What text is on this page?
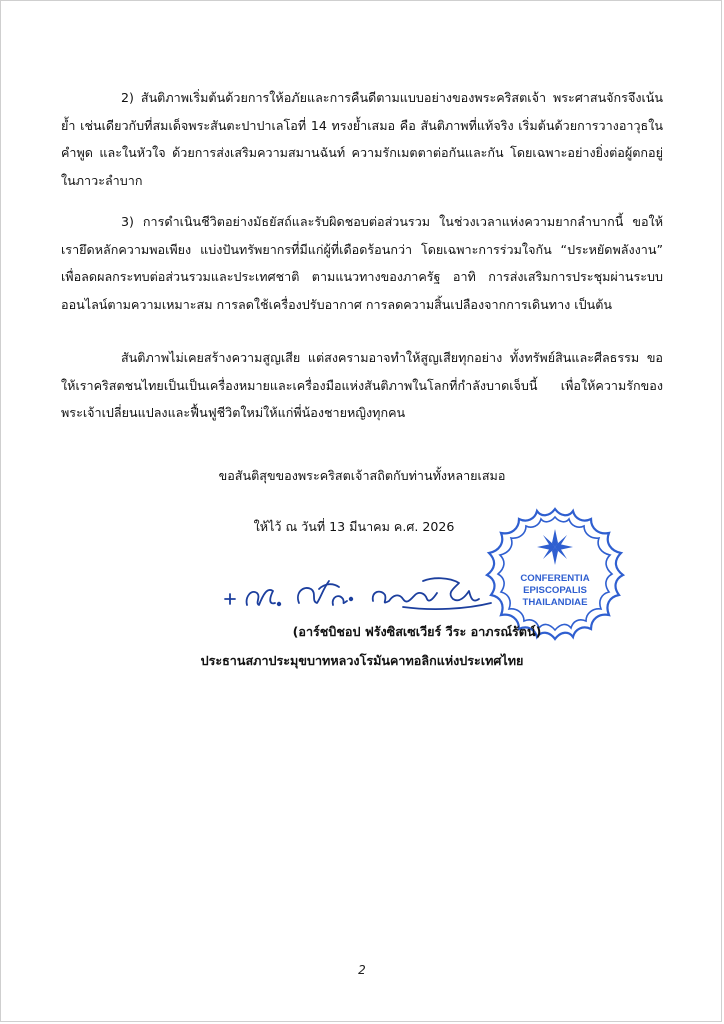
2) สันติภาพเริ่มต้นด้วยการให้อภัยและการคืนดีตามแบบอย่างของพระคริสตเจ้า พระศาสนจักรจึงเน้นย้ำ เช่นเดียวกับที่สมเด็จพระสันตะปาปาเลโอที่ 14 ทรงย้ำเสมอ คือ สันติภาพที่แท้จริง เริ่มต้นด้วยการวางอาวุธในคำพูด และในหัวใจ ด้วยการส่งเสริมความสมานฉันท์ ความรักเมตตาต่อกันและกัน โดยเฉพาะอย่างยิ่งต่อผู้ตกอยู่ในภาวะลำบาก

3) การดำเนินชีวิตอย่างมัธยัสถ์และรับผิดชอบต่อส่วนรวม ในช่วงเวลาแห่งความยากลำบากนี้ ขอให้เรายึดหลักความพอเพียง แบ่งปันทรัพยากรที่มีแก่ผู้ที่เดือดร้อนกว่า โดยเฉพาะการร่วมใจกัน “ประหยัดพลังงาน” เพื่อลดผลกระทบต่อส่วนรวมและประเทศชาติ ตามแนวทางของภาครัฐ อาทิ การส่งเสริมการประชุมผ่านระบบออนไลน์ตามความเหมาะสม การลดใช้เครื่องปรับอากาศ การลดความสิ้นเปลืองจากการเดินทาง เป็นต้น

สันติภาพไม่เคยสร้างความสูญเสีย แต่สงครามอาจทำให้สูญเสียทุกอย่าง ทั้งทรัพย์สินและศีลธรรม ขอให้เราคริสตชนไทยเป็นเป็นเครื่องหมายและเครื่องมือแห่งสันติภาพในโลกที่กำลังบาดเจ็บนี้ เพื่อให้ความรักของพระเจ้าเปลี่ยนแปลงและฟื้นฟูชีวิตใหม่ให้แก่พี่น้องชายหญิงทุกคน

ขอสันติสุขของพระคริสตเจ้าสถิตกับท่านทั้งหลายเสมอ

ให้ไว้ ณ วันที่ 13 มีนาคม ค.ศ. 2026

CONFERENTIA
EPISCOPALIS
THAILANDIAE

(อาร์ชบิชอป ฟรังซิสเซเวียร์ วีระ อาภรณ์รัตน์)

ประธานสภาประมุขบาทหลวงโรมันคาทอลิกแห่งประเทศไทย

2
